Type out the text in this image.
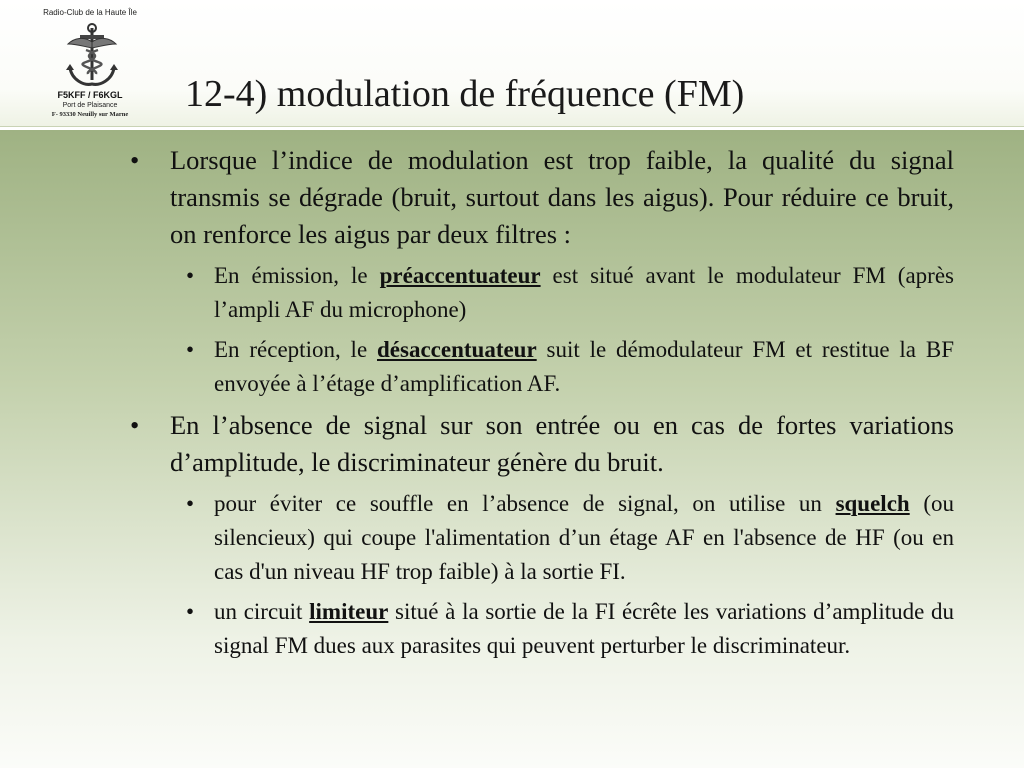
Radio-Club de la Haute Île
F5KFF / F6KGL
Port de Plaisance
F- 93330 Neuilly sur Marne	12-4) modulation de fréquence (FM)
• Lorsque l’indice de modulation est trop faible, la qualité du signal transmis se dégrade (bruit, surtout dans les aigus). Pour réduire ce bruit, on renforce les aigus par deux filtres :
• En émission, le préaccentuateur est situé avant le modulateur FM (après l’ampli AF du microphone)
• En réception, le désaccentuateur suit le démodulateur FM et restitue la BF envoyée à l’étage d’amplification AF.
• En l’absence de signal sur son entrée ou en cas de fortes variations d’amplitude, le discriminateur génère du bruit.
• pour éviter ce souffle en l’absence de signal, on utilise un squelch (ou silencieux) qui coupe l'alimentation d’un étage AF en l'absence de HF (ou en cas d'un niveau HF trop faible) à la sortie FI.
• un circuit limiteur situé à la sortie de la FI écrête les variations d’amplitude du signal FM dues aux parasites qui peuvent perturber le discriminateur.
